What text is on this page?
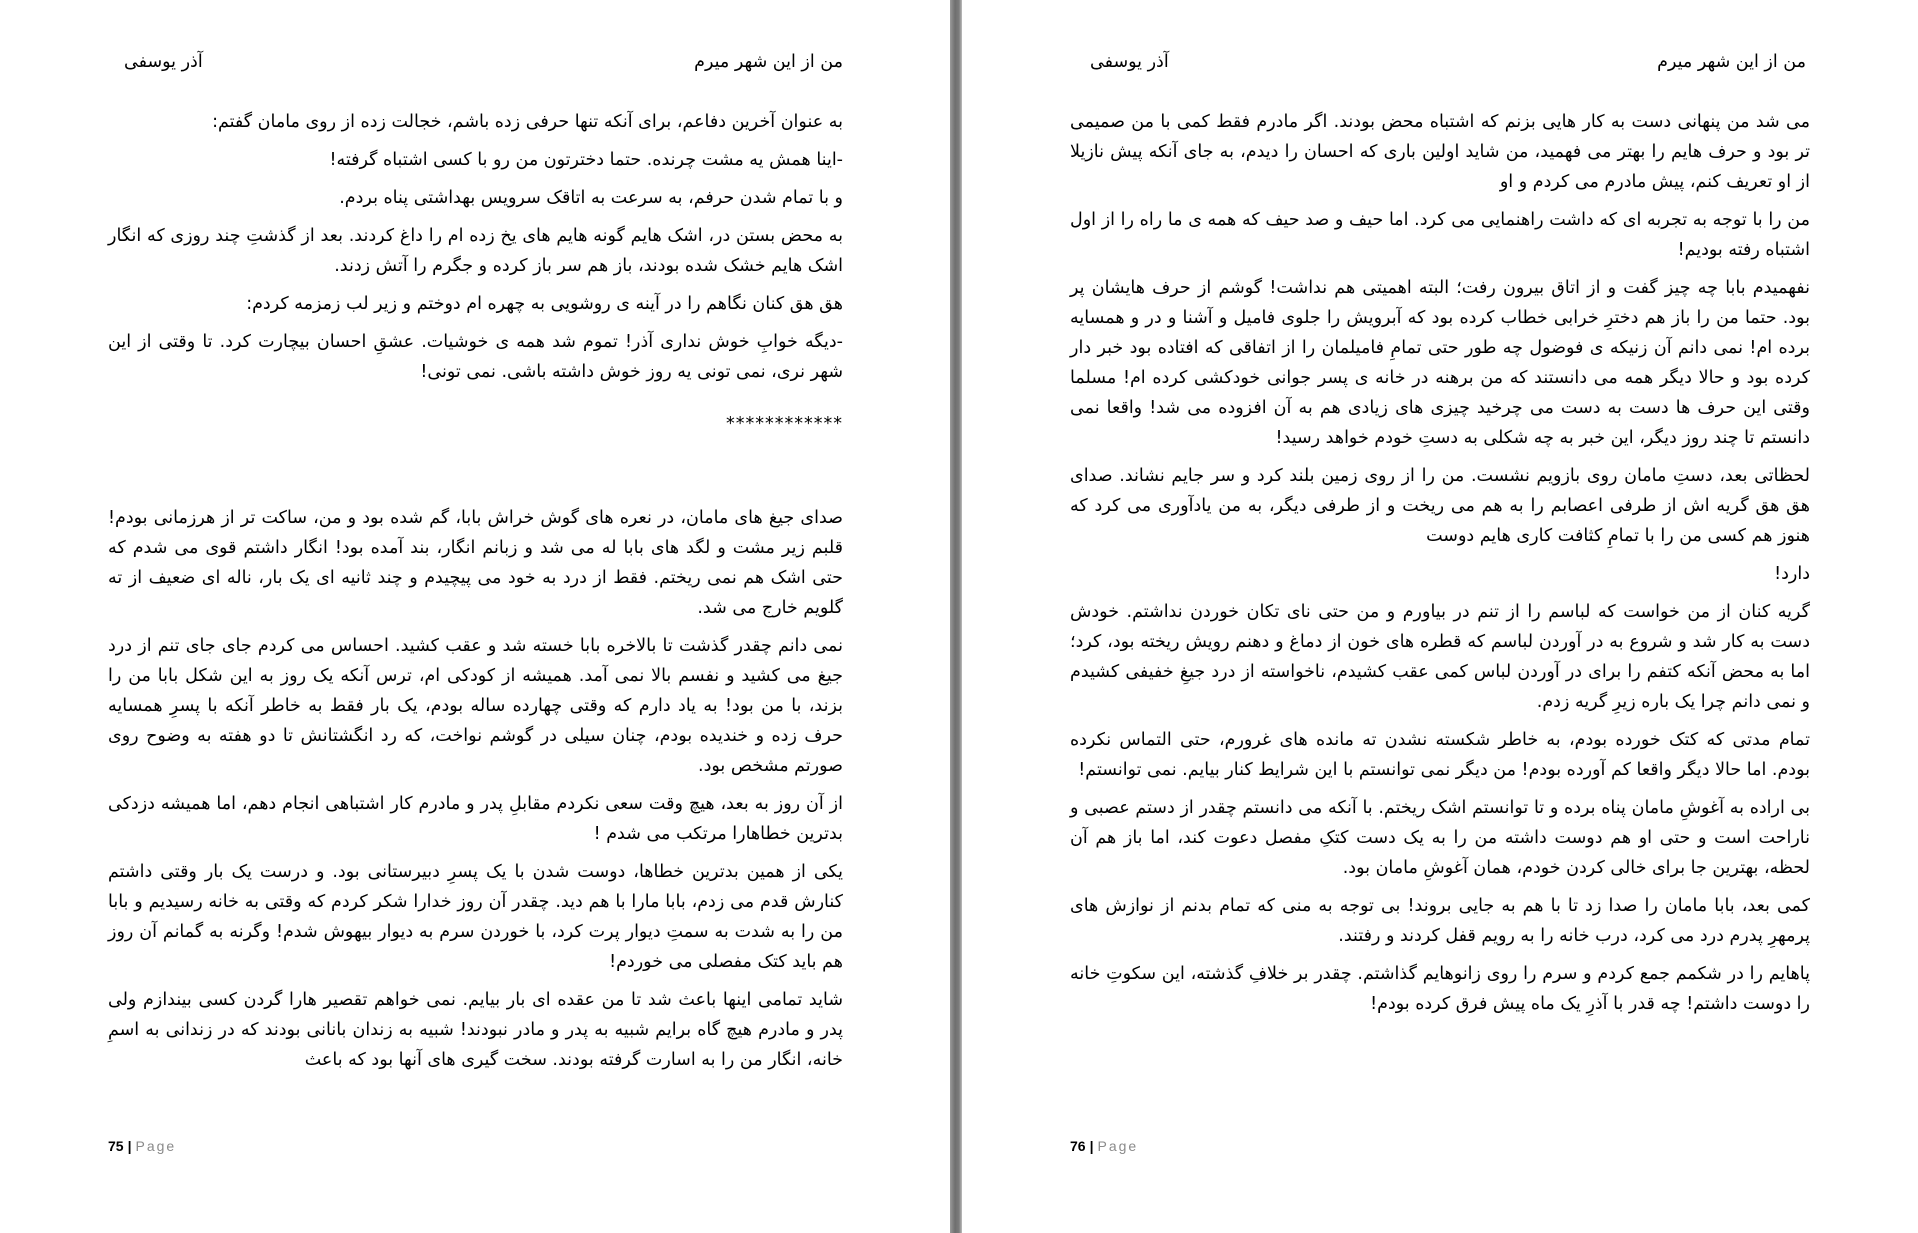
من از این شهر میرم
آذر یوسفی

به عنوان آخرین دفاعم، برای آنکه تنها حرفی زده باشم، خجالت زده از روی مامان گفتم:

-اینا همش یه مشت چرنده. حتما دخترتون من رو با کسی اشتباه گرفته!

و با تمام شدن حرفم، به سرعت به اتاقک سرویس بهداشتی پناه بردم.

به محض بستن در، اشک هایم گونه هایم های یخ زده ام را داغ کردند. بعد از گذشتِ چند روزی که انگار اشک هایم خشک شده بودند، باز هم سر باز کرده و جگرم را آتش زدند.

هق هق کنان نگاهم را در آینه ی روشویی به چهره ام دوختم و زیر لب زمزمه کردم:

-دیگه خوابِ خوش نداری آذر! تموم شد همه ی خوشیات. عشقِ احسان بیچارت کرد. تا وقتی از این شهر نری، نمی تونی یه روز خوش داشته باشی. نمی تونی!

************

صدای جیغ های مامان، در نعره های گوش خراش بابا، گم شده بود و من، ساکت تر از هرزمانی بودم! قلبم زیر مشت و لگد های بابا له می شد و زبانم انگار، بند آمده بود! انگار داشتم قوی می شدم که حتی اشک هم نمی ریختم. فقط از درد به خود می پیچیدم و چند ثانیه ای یک بار، ناله ای ضعیف از ته گلویم خارج می شد.

نمی دانم چقدر گذشت تا بالاخره بابا خسته شد و عقب کشید. احساس می کردم جای جای تنم از درد جیغ می کشید و نفسم بالا نمی آمد. همیشه از کودکی ام، ترس آنکه یک روز به این شکل بابا من را بزند، با من بود! به یاد دارم که وقتی چهارده ساله بودم، یک بار فقط به خاطر آنکه با پسرِ همسایه حرف زده و خندیده بودم، چنان سیلی در گوشم نواخت، که رد انگشتانش تا دو هفته به وضوح روی صورتم مشخص بود.

از آن روز به بعد، هیچ وقت سعی نکردم مقابلِ پدر و مادرم کار اشتباهی انجام دهم، اما همیشه دزدکی بدترین خطاهارا مرتکب می شدم !

یکی از همین بدترین خطاها، دوست شدن با یک پسرِ دبیرستانی بود. و درست یک بار وقتی داشتم کنارش قدم می زدم، بابا مارا با هم دید. چقدر آن روز خدارا شکر کردم که وقتی به خانه رسیدیم و بابا من را به شدت به سمتِ دیوار پرت کرد، با خوردن سرم به دیوار بیهوش شدم! وگرنه به گمانم آن روز هم باید کتک مفصلی می خوردم!

شاید تمامی اینها باعث شد تا من عقده ای بار بیایم. نمی خواهم تقصیر هارا گردن کسی بیندازم ولی پدر و مادرم هیچ گاه برایم شبیه به پدر و مادر نبودند! شبیه به زندان بانانی بودند که در زندانی به اسمِ خانه، انگار من را به اسارت گرفته بودند. سخت گیری های آنها بود که باعث

75 | Page
من از این شهر میرم
آذر یوسفی

می شد من پنهانی دست به کار هایی بزنم که اشتباه محض بودند. اگر مادرم فقط کمی با من صمیمی تر بود و حرف هایم را بهتر می فهمید، من شاید اولین باری که احسان را دیدم، به جای آنکه پیش نازیلا از او تعریف کنم، پیش مادرم می کردم و او

من را با توجه به تجربه ای که داشت راهنمایی می کرد. اما حیف و صد حیف که همه ی ما راه را از اول اشتباه رفته بودیم!

نفهمیدم بابا چه چیز گفت و از اتاق بیرون رفت؛ البته اهمیتی هم نداشت! گوشم از حرف هایشان پر بود. حتما من را باز هم دخترِ خرابی خطاب کرده بود که آبرویش را جلوی فامیل و آشنا و در و همسایه برده ام! نمی دانم آن زنیکه ی فوضول چه طور حتی تمامِ فامیلمان را از اتفاقی که افتاده بود خبر دار کرده بود و حالا دیگر همه می دانستند که من برهنه در خانه ی پسر جوانی خودکشی کرده ام! مسلما وقتی این حرف ها دست به دست می چرخید چیزی های زیادی هم به آن افزوده می شد! واقعا نمی دانستم تا چند روز دیگر، این خبر به چه شکلی به دستِ خودم خواهد رسید!

لحظاتی بعد، دستِ مامان روی بازویم نشست. من را از روی زمین بلند کرد و سر جایم نشاند. صدای هق هق گریه اش از طرفی اعصابم را به هم می ریخت و از طرفی دیگر، به من یادآوری می کرد که هنوز هم کسی من را با تمامِ کثافت کاری هایم دوست

دارد!

گریه کنان از من خواست که لباسم را از تنم در بیاورم و من حتی نای تکان خوردن نداشتم. خودش دست به کار شد و شروع به در آوردن لباسم که قطره های خون از دماغ و دهنم رویش ریخته بود، کرد؛ اما به محض آنکه کتفم را برای در آوردن لباس کمی عقب کشیدم، ناخواسته از درد جیغِ خفیفی کشیدم و نمی دانم چرا یک باره زیرِ گریه زدم.

تمام مدتی که کتک خورده بودم، به خاطر شکسته نشدن ته مانده های غرورم، حتی التماس نکرده بودم. اما حالا دیگر واقعا کم آورده بودم! من دیگر نمی توانستم با این شرایط کنار بیایم. نمی توانستم!

بی اراده به آغوشِ مامان پناه برده و تا توانستم اشک ریختم. با آنکه می دانستم چقدر از دستم عصبی و ناراحت است و حتی او هم دوست داشته من را به یک دست کتکِ مفصل دعوت کند، اما باز هم آن لحظه، بهترین جا برای خالی کردن خودم، همان آغوشِ مامان بود.

کمی بعد، بابا مامان را صدا زد تا با هم به جایی بروند! بی توجه به منی که تمام بدنم از نوازش های پرمهرِ پدرم درد می کرد، درب خانه را به رویم قفل کردند و رفتند.

پاهایم را در شکمم جمع کردم و سرم را روی زانوهایم گذاشتم. چقدر بر خلافِ گذشته، این سکوتِ خانه را دوست داشتم! چه قدر با آذرِ یک ماه پیش فرق کرده بودم!

76 | Page
